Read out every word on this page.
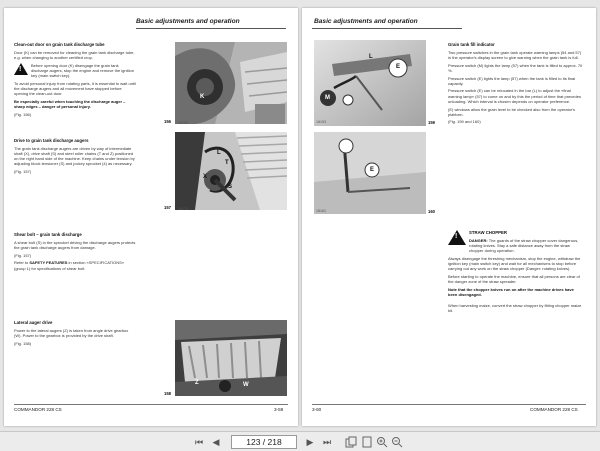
Basic adjustments and operation
Clean-out door on grain tank discharge tube

Door (K) can be removed for cleaning the grain tank discharge tube, e.g. when changing to another certified crop.

!

Before opening door (K) disengage the grain tank discharge augers, stop the engine and remove the ignition key (main switch key).

To avoid personal injury from rotating parts, it is essential to wait until the discharge augers and all movement have stopped before opening the clean-out door.

Be especially careful when touching the discharge auger – sharp edges – danger of personal injury.

(Fig. 156)

Drive to grain tank discharge augers

The grain tank discharge augers are driven by way of intermediate shaft (X), drive shaft (S) and steel roller chains (T and Z) positioned on the right hand side of the machine. Keep chains under tension by adjusting block tensioner (S) and jockey sprocket (4) as necessary.

(Fig. 157)

Shear bolt – grain tank discharge

A shear bolt (S) in the sprocket driving the discharge augers protects the grain tank discharge augers from damage.

(Fig. 157)

Refer to SAFETY FEATURES in section «SPECIFICATIONS» (group 1) for specifications of shear bolt.

Lateral auger drive

Power to the lateral augers (Z) is taken from angle drive gearbox (W). Power to the gearbox is provided by the drive shaft.

(Fig. 158)

K
156 18188
L
X
S
T
157 18174
Z	W
158 18163
COMMANDOR 228 CS	3-59
Basic adjustments and operation
L
E
M
18193	159
E
18161	160
Grain tank fill indicator

Two pressure switches in the grain tank operate warning lamps (54 and 57) in the operator's display screen to give warning when the grain tank is full.

Pressure switch (M) lights the lamp (57) when the tank is filled to approx. 70 %.

Pressure switch (E) lights the lamp (57) when the tank is filled to its final capacity.

Pressure switch (E) can be relocated in the bar (L) to adjust the «final warning lamp» (57) to come on and by this the period of time that precedes unloading. Which interval is chosen depends on operator preference.

(E) windows allow the grain level to be checked also from the operator's platform.

(Fig. 159 and 160)

!
STRAW CHOPPER

DANGER: The guards of the straw chopper cover dangerous, rotating knives. Stay a safe distance away from the straw chopper during operation.

Always disengage the threshing mechanism, stop the engine, withdraw the ignition key (main switch key) and wait for all mechanisms to stop before carrying out any work on the straw chopper (Danger: rotating knives).

Before starting to operate the machine, ensure that all persons are clear of the danger zone of the straw spreader.

Note that the chopper knives run on after the machine drives have been disengaged.

When harvesting maize, convert the straw chopper by fitting chopper maize kit.

3-60	COMMANDOR 228 CS
⏮ ◀
123 / 218	▶ ⏭
